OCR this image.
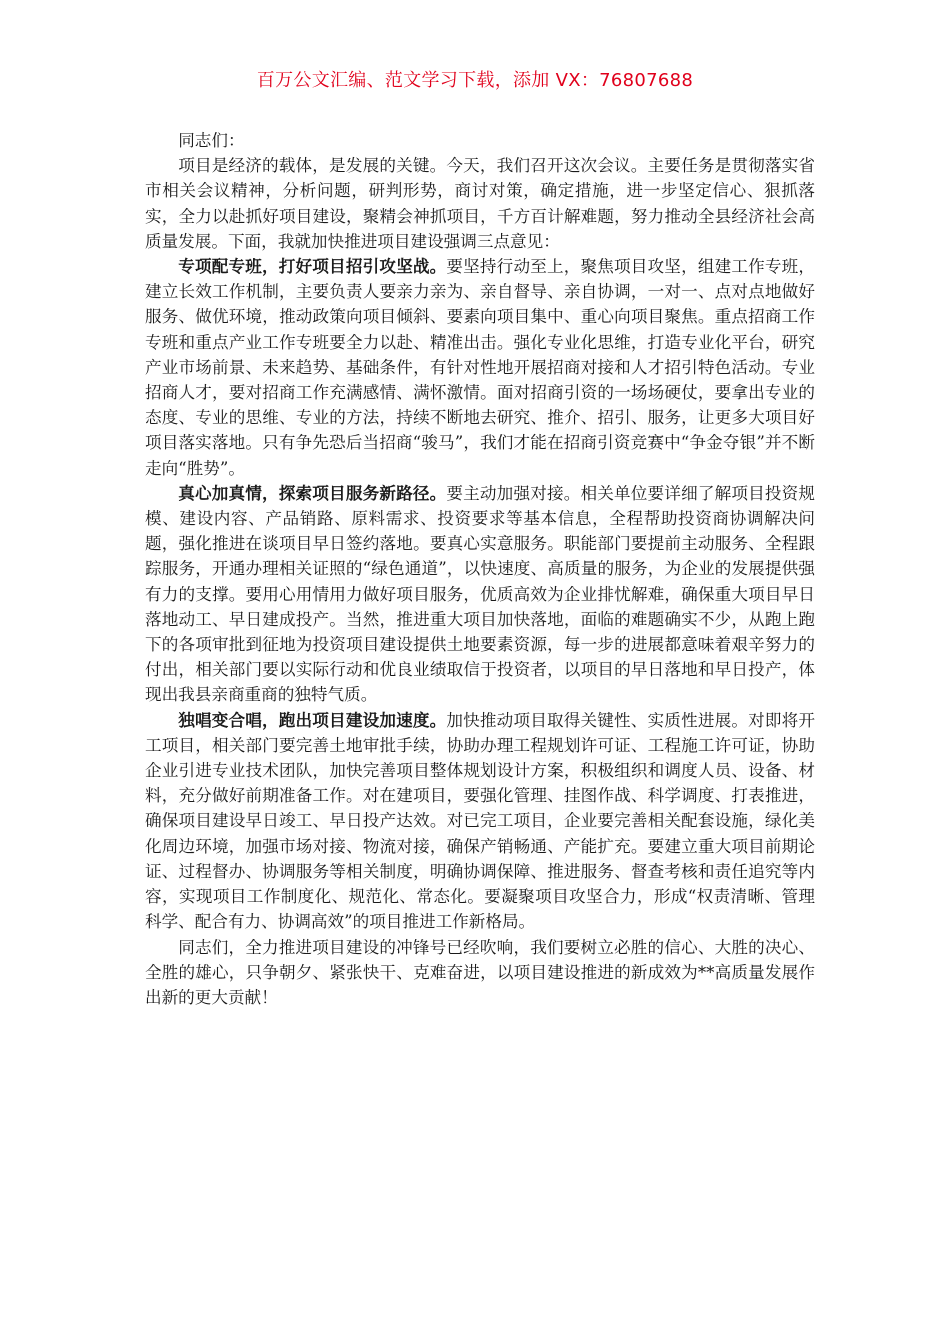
百万公文汇编、范文学习下载，添加 VX：76807688

同志们：

项目是经济的载体，是发展的关键。今天，我们召开这次会议。主要任务是贯彻落实省市相关会议精神，分析问题，研判形势，商讨对策，确定措施，进一步坚定信心、狠抓落实，全力以赴抓好项目建设，聚精会神抓项目，千方百计解难题，努力推动全县经济社会高质量发展。下面，我就加快推进项目建设强调三点意见：

专项配专班，打好项目招引攻坚战。要坚持行动至上，聚焦项目攻坚，组建工作专班，建立长效工作机制，主要负责人要亲力亲为、亲自督导、亲自协调，一对一、点对点地做好服务、做优环境，推动政策向项目倾斜、要素向项目集中、重心向项目聚焦。重点招商工作专班和重点产业工作专班要全力以赴、精准出击。强化专业化思维，打造专业化平台，研究产业市场前景、未来趋势、基础条件，有针对性地开展招商对接和人才招引特色活动。专业招商人才，要对招商工作充满感情、满怀激情。面对招商引资的一场场硬仗，要拿出专业的态度、专业的思维、专业的方法，持续不断地去研究、推介、招引、服务，让更多大项目好项目落实落地。只有争先恐后当招商“骏马”，我们才能在招商引资竞赛中“争金夺银”并不断走向“胜势”。

真心加真情，探索项目服务新路径。要主动加强对接。相关单位要详细了解项目投资规模、建设内容、产品销路、原料需求、投资要求等基本信息，全程帮助投资商协调解决问题，强化推进在谈项目早日签约落地。要真心实意服务。职能部门要提前主动服务、全程跟踪服务，开通办理相关证照的“绿色通道”，以快速度、高质量的服务，为企业的发展提供强有力的支撑。要用心用情用力做好项目服务，优质高效为企业排忧解难，确保重大项目早日落地动工、早日建成投产。当然，推进重大项目加快落地，面临的难题确实不少，从跑上跑下的各项审批到征地为投资项目建设提供土地要素资源，每一步的进展都意味着艰辛努力的付出，相关部门要以实际行动和优良业绩取信于投资者，以项目的早日落地和早日投产，体现出我县亲商重商的独特气质。

独唱变合唱，跑出项目建设加速度。加快推动项目取得关键性、实质性进展。对即将开工项目，相关部门要完善土地审批手续，协助办理工程规划许可证、工程施工许可证，协助企业引进专业技术团队，加快完善项目整体规划设计方案，积极组织和调度人员、设备、材料，充分做好前期准备工作。对在建项目，要强化管理、挂图作战、科学调度、打表推进，确保项目建设早日竣工、早日投产达效。对已完工项目，企业要完善相关配套设施，绿化美化周边环境，加强市场对接、物流对接，确保产销畅通、产能扩充。要建立重大项目前期论证、过程督办、协调服务等相关制度，明确协调保障、推进服务、督查考核和责任追究等内容，实现项目工作制度化、规范化、常态化。要凝聚项目攻坚合力，形成“权责清晰、管理科学、配合有力、协调高效”的项目推进工作新格局。

同志们，全力推进项目建设的冲锋号已经吹响，我们要树立必胜的信心、大胜的决心、全胜的雄心，只争朝夕、紧张快干、克难奋进，以项目建设推进的新成效为**高质量发展作出新的更大贡献！
